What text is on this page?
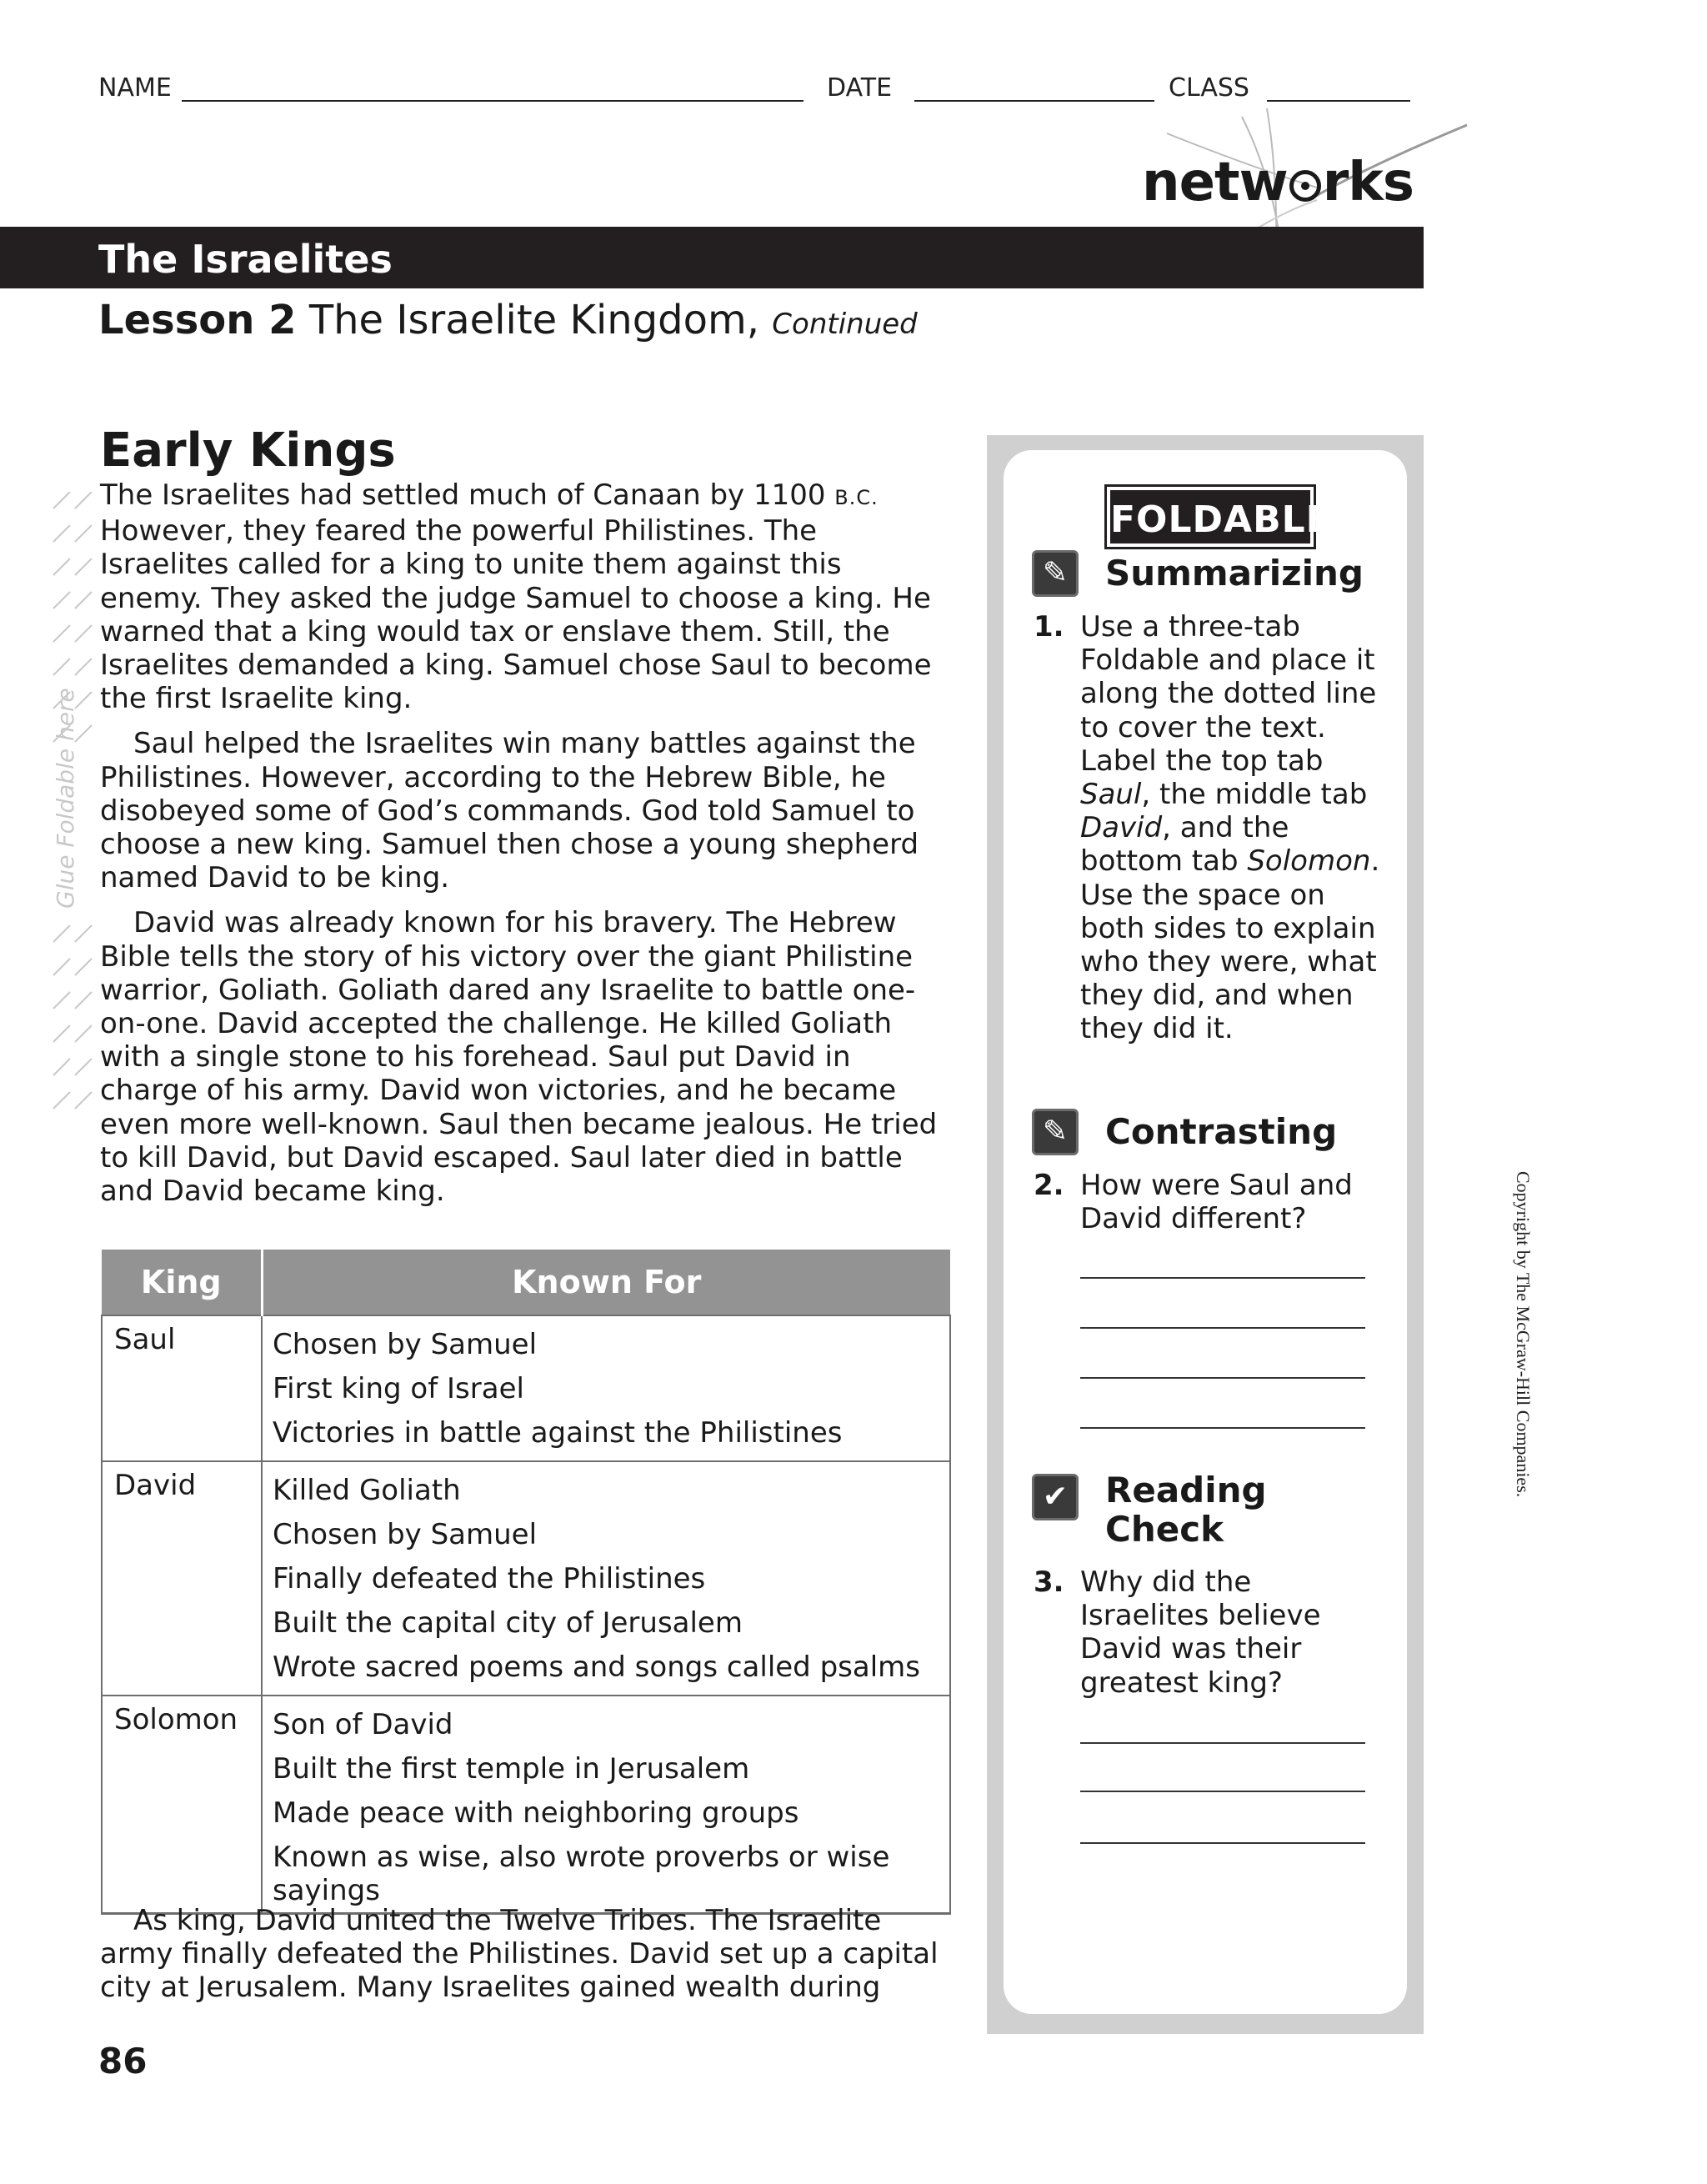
NAME	DATE	CLASS
netw rks
The Israelites
Lesson 2 The Israelite Kingdom, Continued
Glue Foldable here
Early Kings

The Israelites had settled much of Canaan by 1100 B.C. However, they feared the powerful Philistines. The Israelites called for a king to unite them against this enemy. They asked the judge Samuel to choose a king. He warned that a king would tax or enslave them. Still, the Israelites demanded a king. Samuel chose Saul to become the first Israelite king.

Saul helped the Israelites win many battles against the Philistines. However, according to the Hebrew Bible, he disobeyed some of God’s commands. God told Samuel to choose a new king. Samuel then chose a young shepherd named David to be king.

David was already known for his bravery. The Hebrew Bible tells the story of his victory over the giant Philistine warrior, Goliath. Goliath dared any Israelite to battle one-on-one. David accepted the challenge. He killed Goliath with a single stone to his forehead. Saul put David in charge of his army. David won victories, and he became even more well-known. Saul then became jealous. He tried to kill David, but David escaped. Saul later died in battle and David became king.

King	Known For
Saul	Chosen by Samuel
First king of Israel
Victories in battle against the Philistines

David	Killed Goliath
Chosen by Samuel
Finally defeated the Philistines
Built the capital city of Jerusalem
Wrote sacred poems and songs called psalms

Solomon	Son of David
Built the first temple in Jerusalem
Made peace with neighboring groups
Known as wise, also wrote proverbs or wise sayings

As king, David united the Twelve Tribes. The Israelite army finally defeated the Philistines. David set up a capital city at Jerusalem. Many Israelites gained wealth during

FOLDABLES
✎	Summarizing
1. Use a three-tab Foldable and place it along the dotted line to cover the text. Label the top tab Saul, the middle tab David, and the bottom tab Solomon. Use the space on both sides to explain who they were, what they did, and when they did it.
✎	Contrasting
2. How were Saul and David different?
✔	Reading
Check
3. Why did the Israelites believe David was their greatest king?
Copyright by The McGraw-Hill Companies.
86
